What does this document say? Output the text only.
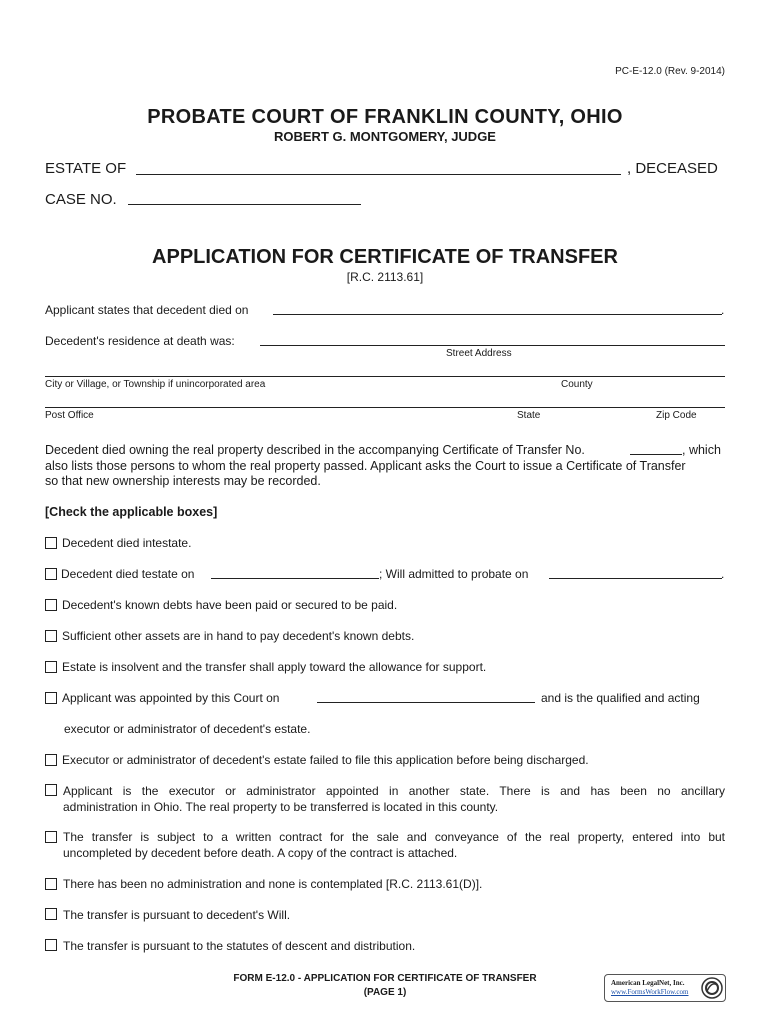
PC-E-12.0 (Rev. 9-2014)
PROBATE COURT OF FRANKLIN COUNTY, OHIO
ROBERT G. MONTGOMERY, JUDGE
ESTATE OF	, DECEASED
CASE NO.
APPLICATION FOR CERTIFICATE OF TRANSFER
[R.C. 2113.61]
Applicant states that decedent died on	.
Decedent's residence at death was:
Street Address
City or Village, or Township if unincorporated area	County
Post Office	State	Zip Code
Decedent died owning the real property described in the accompanying Certificate of Transfer No.	, which
also lists those persons to whom the real property passed. Applicant asks the Court to issue a Certificate of Transfer
so that new ownership interests may be recorded.
[Check the applicable boxes]
Decedent died intestate.
Decedent died testate on	; Will admitted to probate on	.
Decedent's known debts have been paid or secured to be paid.
Sufficient other assets are in hand to pay decedent's known debts.
Estate is insolvent and the transfer shall apply toward the allowance for support.
Applicant was appointed by this Court on	and is the qualified and acting
executor or administrator of decedent's estate.
Executor or administrator of decedent's estate failed to file this application before being discharged.
Applicant is the executor or administrator appointed in another state. There is and has been no ancillary
administration in Ohio. The real property to be transferred is located in this county.
The transfer is subject to a written contract for the sale and conveyance of the real property, entered into but
uncompleted by decedent before death. A copy of the contract is attached.
There has been no administration and none is contemplated [R.C. 2113.61(D)].
The transfer is pursuant to decedent's Will.
The transfer is pursuant to the statutes of descent and distribution.
FORM E-12.0 - APPLICATION FOR CERTIFICATE OF TRANSFER
(PAGE 1)
American LegalNet, Inc.
www.FormsWorkFlow.com
